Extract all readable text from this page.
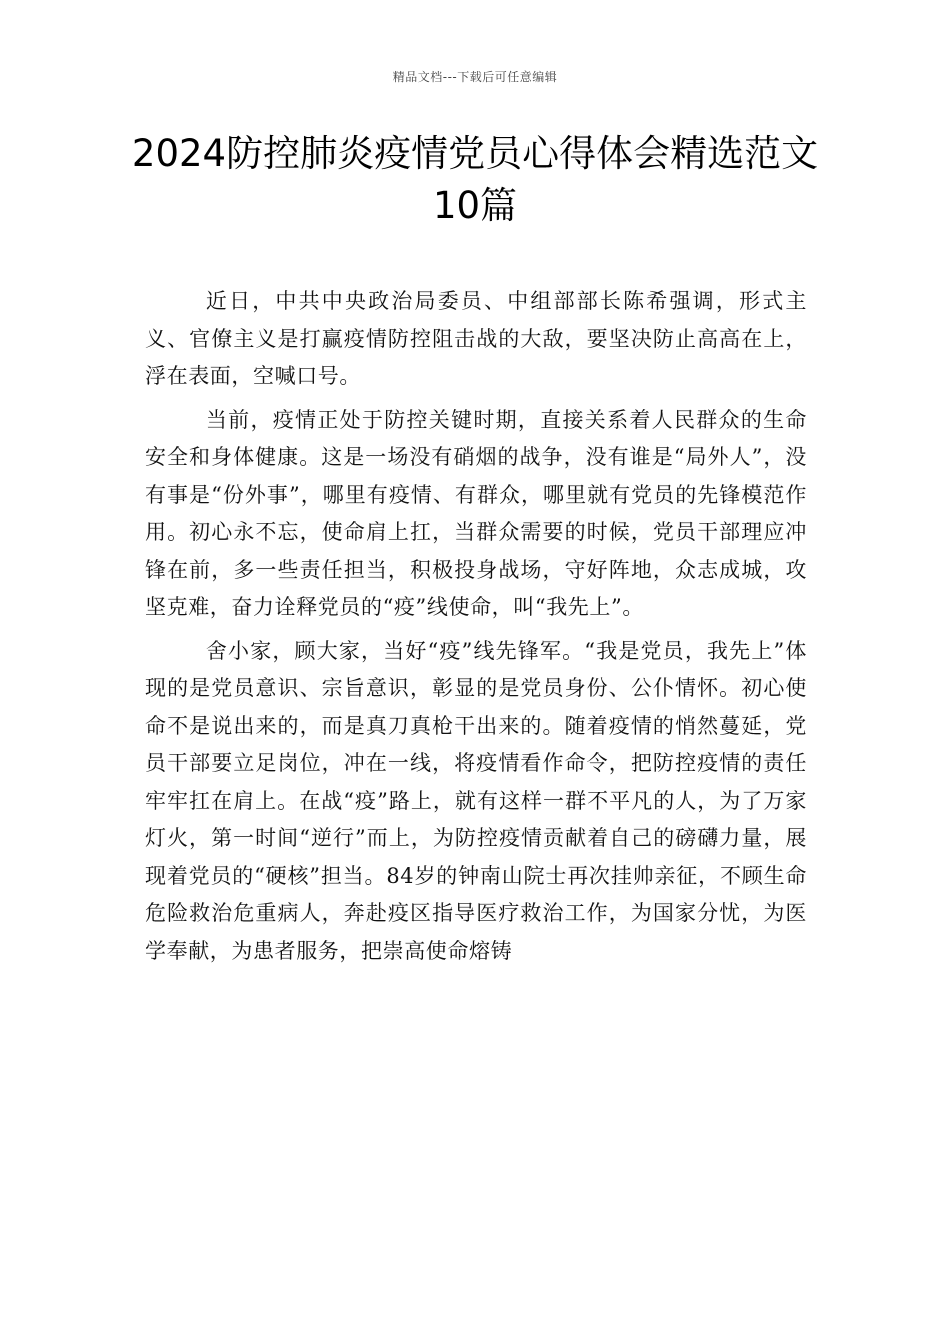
精品文档---下载后可任意编辑
2024防控肺炎疫情党员心得体会精选范文10篇

近日，中共中央政治局委员、中组部部长陈希强调，形式主义、官僚主义是打赢疫情防控阻击战的大敌，要坚决防止高高在上，浮在表面，空喊口号。

当前，疫情正处于防控关键时期，直接关系着人民群众的生命安全和身体健康。这是一场没有硝烟的战争，没有谁是“局外人”，没有事是“份外事”，哪里有疫情、有群众，哪里就有党员的先锋模范作用。初心永不忘，使命肩上扛，当群众需要的时候，党员干部理应冲锋在前，多一些责任担当，积极投身战场，守好阵地，众志成城，攻坚克难，奋力诠释党员的“疫”线使命，叫“我先上”。

舍小家，顾大家，当好“疫”线先锋军。“我是党员，我先上”体现的是党员意识、宗旨意识，彰显的是党员身份、公仆情怀。初心使命不是说出来的，而是真刀真枪干出来的。随着疫情的悄然蔓延，党员干部要立足岗位，冲在一线，将疫情看作命令，把防控疫情的责任牢牢扛在肩上。在战“疫”路上，就有这样一群不平凡的人，为了万家灯火，第一时间“逆行”而上，为防控疫情贡献着自己的磅礴力量，展现着党员的“硬核”担当。84岁的钟南山院士再次挂帅亲征，不顾生命危险救治危重病人，奔赴疫区指导医疗救治工作，为国家分忧，为医学奉献，为患者服务，把崇高使命熔铸
